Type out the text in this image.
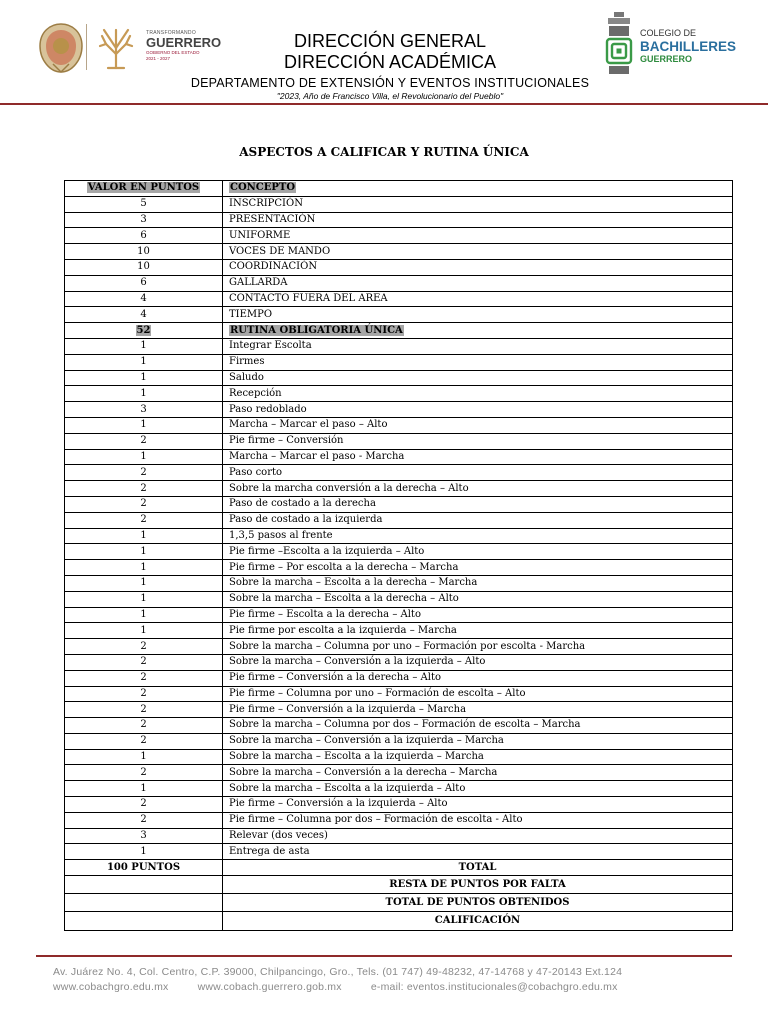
TRANSFORMANDO
GUERRERO
GOBIERNO DEL ESTADO
2021 - 2027
DIRECCIÓN GENERAL
DIRECCIÓN ACADÉMICA
DEPARTAMENTO DE EXTENSIÓN Y EVENTOS INSTITUCIONALES
"2023, Año de Francisco Villa, el Revolucionario del Pueblo"
COLEGIO DE
BACHILLERES
GUERRERO
ASPECTOS A CALIFICAR Y RUTINA ÚNICA
VALOR EN PUNTOS	CONCEPTO
5	INSCRIPCIÓN
3	PRESENTACIÓN
6	UNIFORME
10	VOCES DE MANDO
10	COORDINACIÓN
6	GALLARDA
4	CONTACTO FUERA DEL AREA
4	TIEMPO
52	RUTINA OBLIGATORIA ÚNICA
1	Integrar Escolta
1	Firmes
1	Saludo
1	Recepción
3	Paso redoblado
1	Marcha – Marcar el paso – Alto
2	Pie firme – Conversión
1	Marcha – Marcar el paso - Marcha
2	Paso corto
2	Sobre la marcha conversión a la derecha – Alto
2	Paso de costado a la derecha
2	Paso de costado a la izquierda
1	1,3,5 pasos al frente
1	Pie firme –Escolta a la izquierda – Alto
1	Pie firme – Por escolta a la derecha – Marcha
1	Sobre la marcha – Escolta a la derecha – Marcha
1	Sobre la marcha – Escolta a la derecha – Alto
1	Pie firme – Escolta a la derecha – Alto
1	Pie firme por escolta a la izquierda – Marcha
2	Sobre la marcha – Columna por uno – Formación por escolta - Marcha
2	Sobre la marcha – Conversión a la izquierda – Alto
2	Pie firme – Conversión a la derecha – Alto
2	Pie firme – Columna por uno – Formación de escolta – Alto
2	Pie firme – Conversión a la izquierda – Marcha
2	Sobre la marcha – Columna por dos – Formación de escolta – Marcha
2	Sobre la marcha – Conversión a la izquierda – Marcha
1	Sobre la marcha – Escolta a la izquierda – Marcha
2	Sobre la marcha – Conversión a la derecha – Marcha
1	Sobre la marcha – Escolta a la izquierda – Alto
2	Pie firme – Conversión a la izquierda – Alto
2	Pie firme – Columna por dos – Formación de escolta - Alto
3	Relevar (dos veces)
1	Entrega de asta
100 PUNTOS	TOTAL
	RESTA DE PUNTOS POR FALTA
	TOTAL DE PUNTOS OBTENIDOS
	CALIFICACIÓN
Av. Juárez No. 4, Col. Centro, C.P. 39000, Chilpancingo, Gro., Tels. (01 747) 49-48232, 47-14768 y 47-20143 Ext.124
www.cobachgro.edu.mx	www.cobach.guerrero.gob.mx	e-mail: eventos.institucionales@cobachgro.edu.mx
